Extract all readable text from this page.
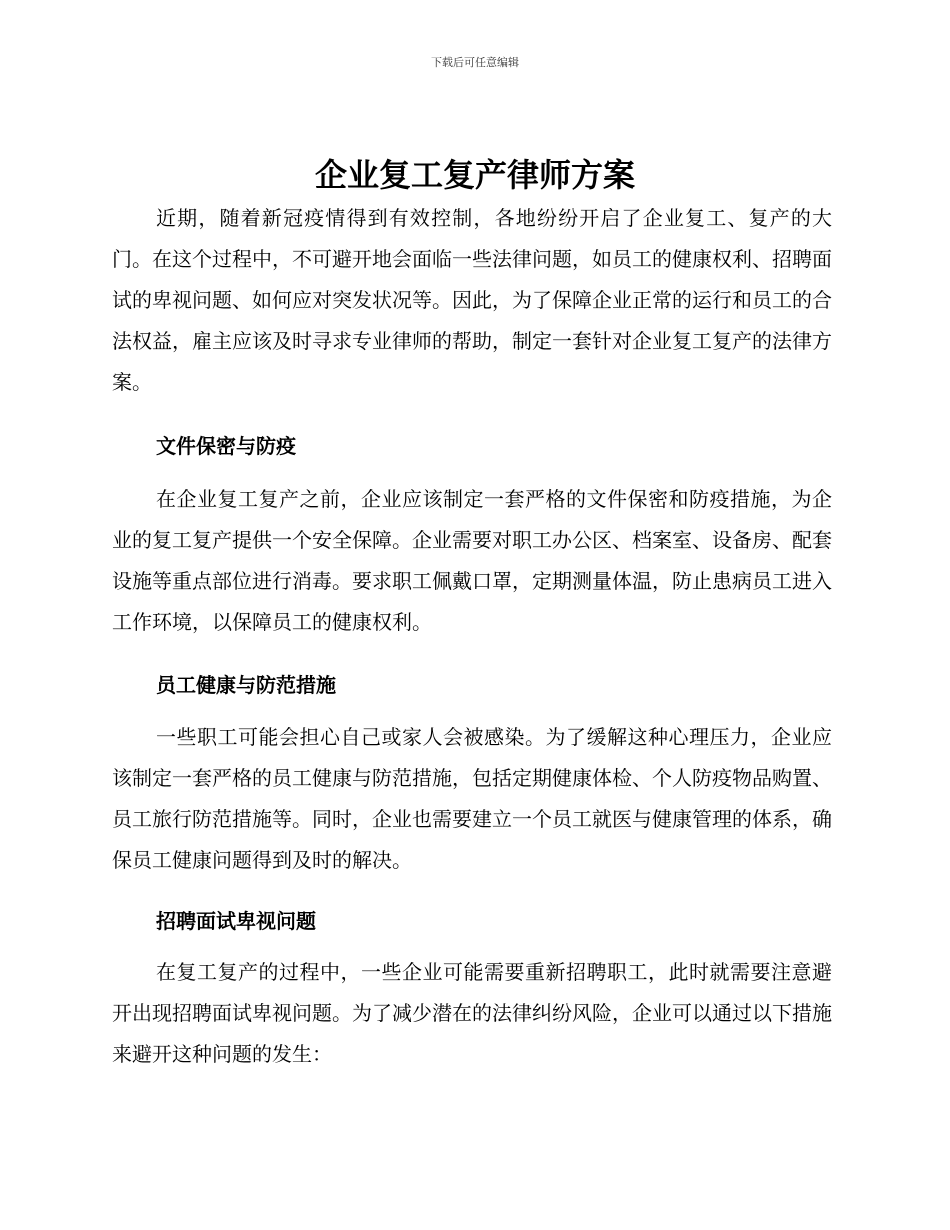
下载后可任意编辑
企业复工复产律师方案

近期，随着新冠疫情得到有效控制，各地纷纷开启了企业复工、复产的大门。在这个过程中，不可避开地会面临一些法律问题，如员工的健康权利、招聘面试的卑视问题、如何应对突发状况等。因此，为了保障企业正常的运行和员工的合法权益，雇主应该及时寻求专业律师的帮助，制定一套针对企业复工复产的法律方案。

文件保密与防疫

在企业复工复产之前，企业应该制定一套严格的文件保密和防疫措施，为企业的复工复产提供一个安全保障。企业需要对职工办公区、档案室、设备房、配套设施等重点部位进行消毒。要求职工佩戴口罩，定期测量体温，防止患病员工进入工作环境，以保障员工的健康权利。

员工健康与防范措施

一些职工可能会担心自己或家人会被感染。为了缓解这种心理压力，企业应该制定一套严格的员工健康与防范措施，包括定期健康体检、个人防疫物品购置、员工旅行防范措施等。同时，企业也需要建立一个员工就医与健康管理的体系，确保员工健康问题得到及时的解决。

招聘面试卑视问题

在复工复产的过程中，一些企业可能需要重新招聘职工，此时就需要注意避开出现招聘面试卑视问题。为了减少潜在的法律纠纷风险，企业可以通过以下措施来避开这种问题的发生：
